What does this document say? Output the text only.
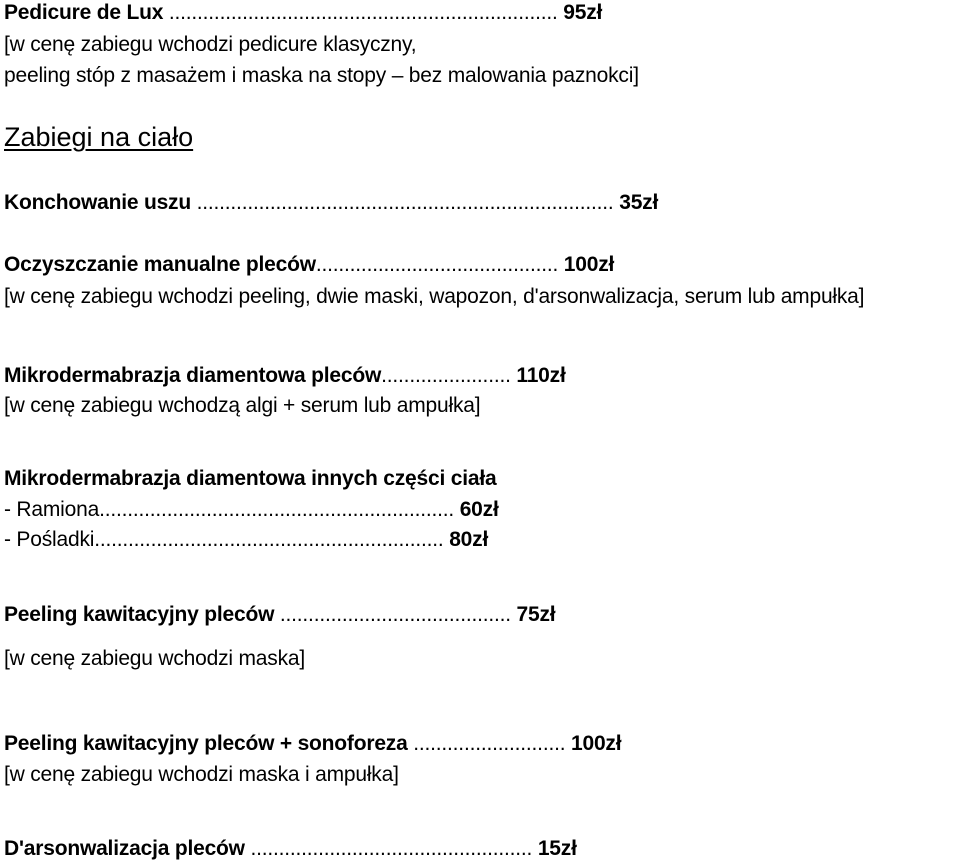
Pedicure de Lux ..................................................................... 95zł
[w cenę zabiegu wchodzi pedicure klasyczny,
peeling stóp z masażem i maska na stopy – bez malowania paznokci]
Zabiegi na ciało
Konchowanie uszu .......................................................................... 35zł
Oczyszczanie manualne pleców........................................... 100zł
[w cenę zabiegu wchodzi peeling, dwie maski, wapozon, d'arsonwalizacja, serum lub ampułka]
Mikrodermabrazja diamentowa pleców....................... 110zł
[w cenę zabiegu wchodzą algi + serum lub ampułka]
Mikrodermabrazja diamentowa innych części ciała
- Ramiona............................................................... 60zł
- Pośladki.............................................................. 80zł
Peeling kawitacyjny pleców ......................................... 75zł
[w cenę zabiegu wchodzi maska]
Peeling kawitacyjny pleców + sonoforeza ........................... 100zł
[w cenę zabiegu wchodzi maska i ampułka]
D'arsonwalizacja pleców .................................................. 15zł
